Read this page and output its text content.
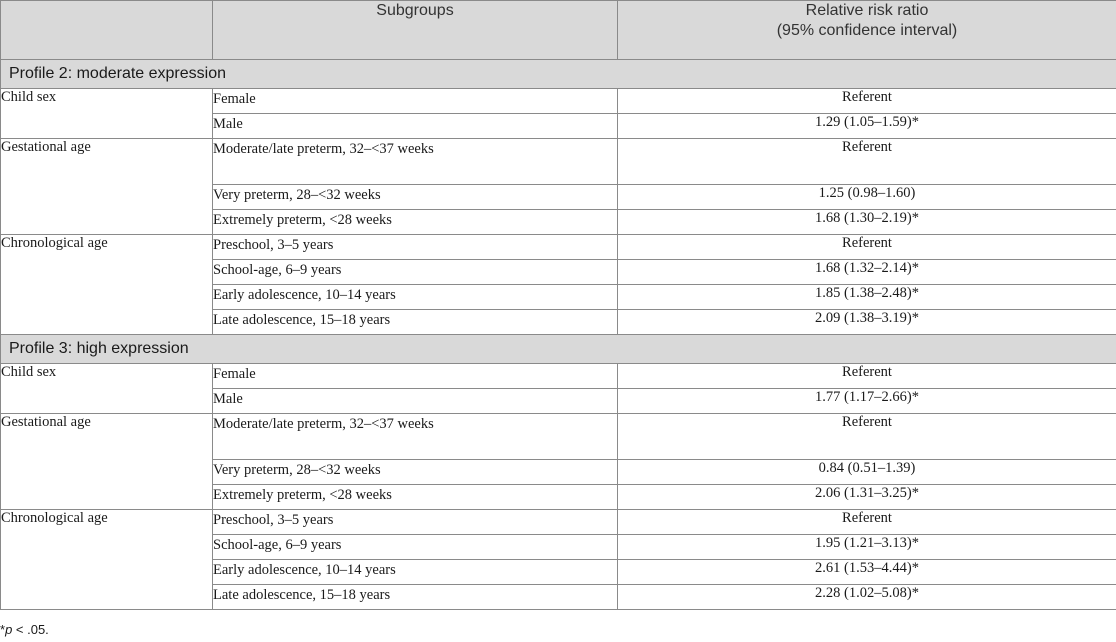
	Subgroups	Relative risk ratio
(95% confidence interval)

Profile 2: moderate expression		
Child sex	Female	Referent
	Male	1.29 (1.05–1.59)*
Gestational age	Moderate/late preterm, 32–<37 weeks	Referent
	Very preterm, 28–<32 weeks	1.25 (0.98–1.60)
	Extremely preterm, <28 weeks	1.68 (1.30–2.19)*
Chronological age	Preschool, 3–5 years	Referent
	School-age, 6–9 years	1.68 (1.32–2.14)*
	Early adolescence, 10–14 years	1.85 (1.38–2.48)*
	Late adolescence, 15–18 years	2.09 (1.38–3.19)*
Profile 3: high expression		
Child sex	Female	Referent
	Male	1.77 (1.17–2.66)*
Gestational age	Moderate/late preterm, 32–<37 weeks	Referent
	Very preterm, 28–<32 weeks	0.84 (0.51–1.39)
	Extremely preterm, <28 weeks	2.06 (1.31–3.25)*
Chronological age	Preschool, 3–5 years	Referent
	School-age, 6–9 years	1.95 (1.21–3.13)*
	Early adolescence, 10–14 years	2.61 (1.53–4.44)*
	Late adolescence, 15–18 years	2.28 (1.02–5.08)*
*p < .05.
